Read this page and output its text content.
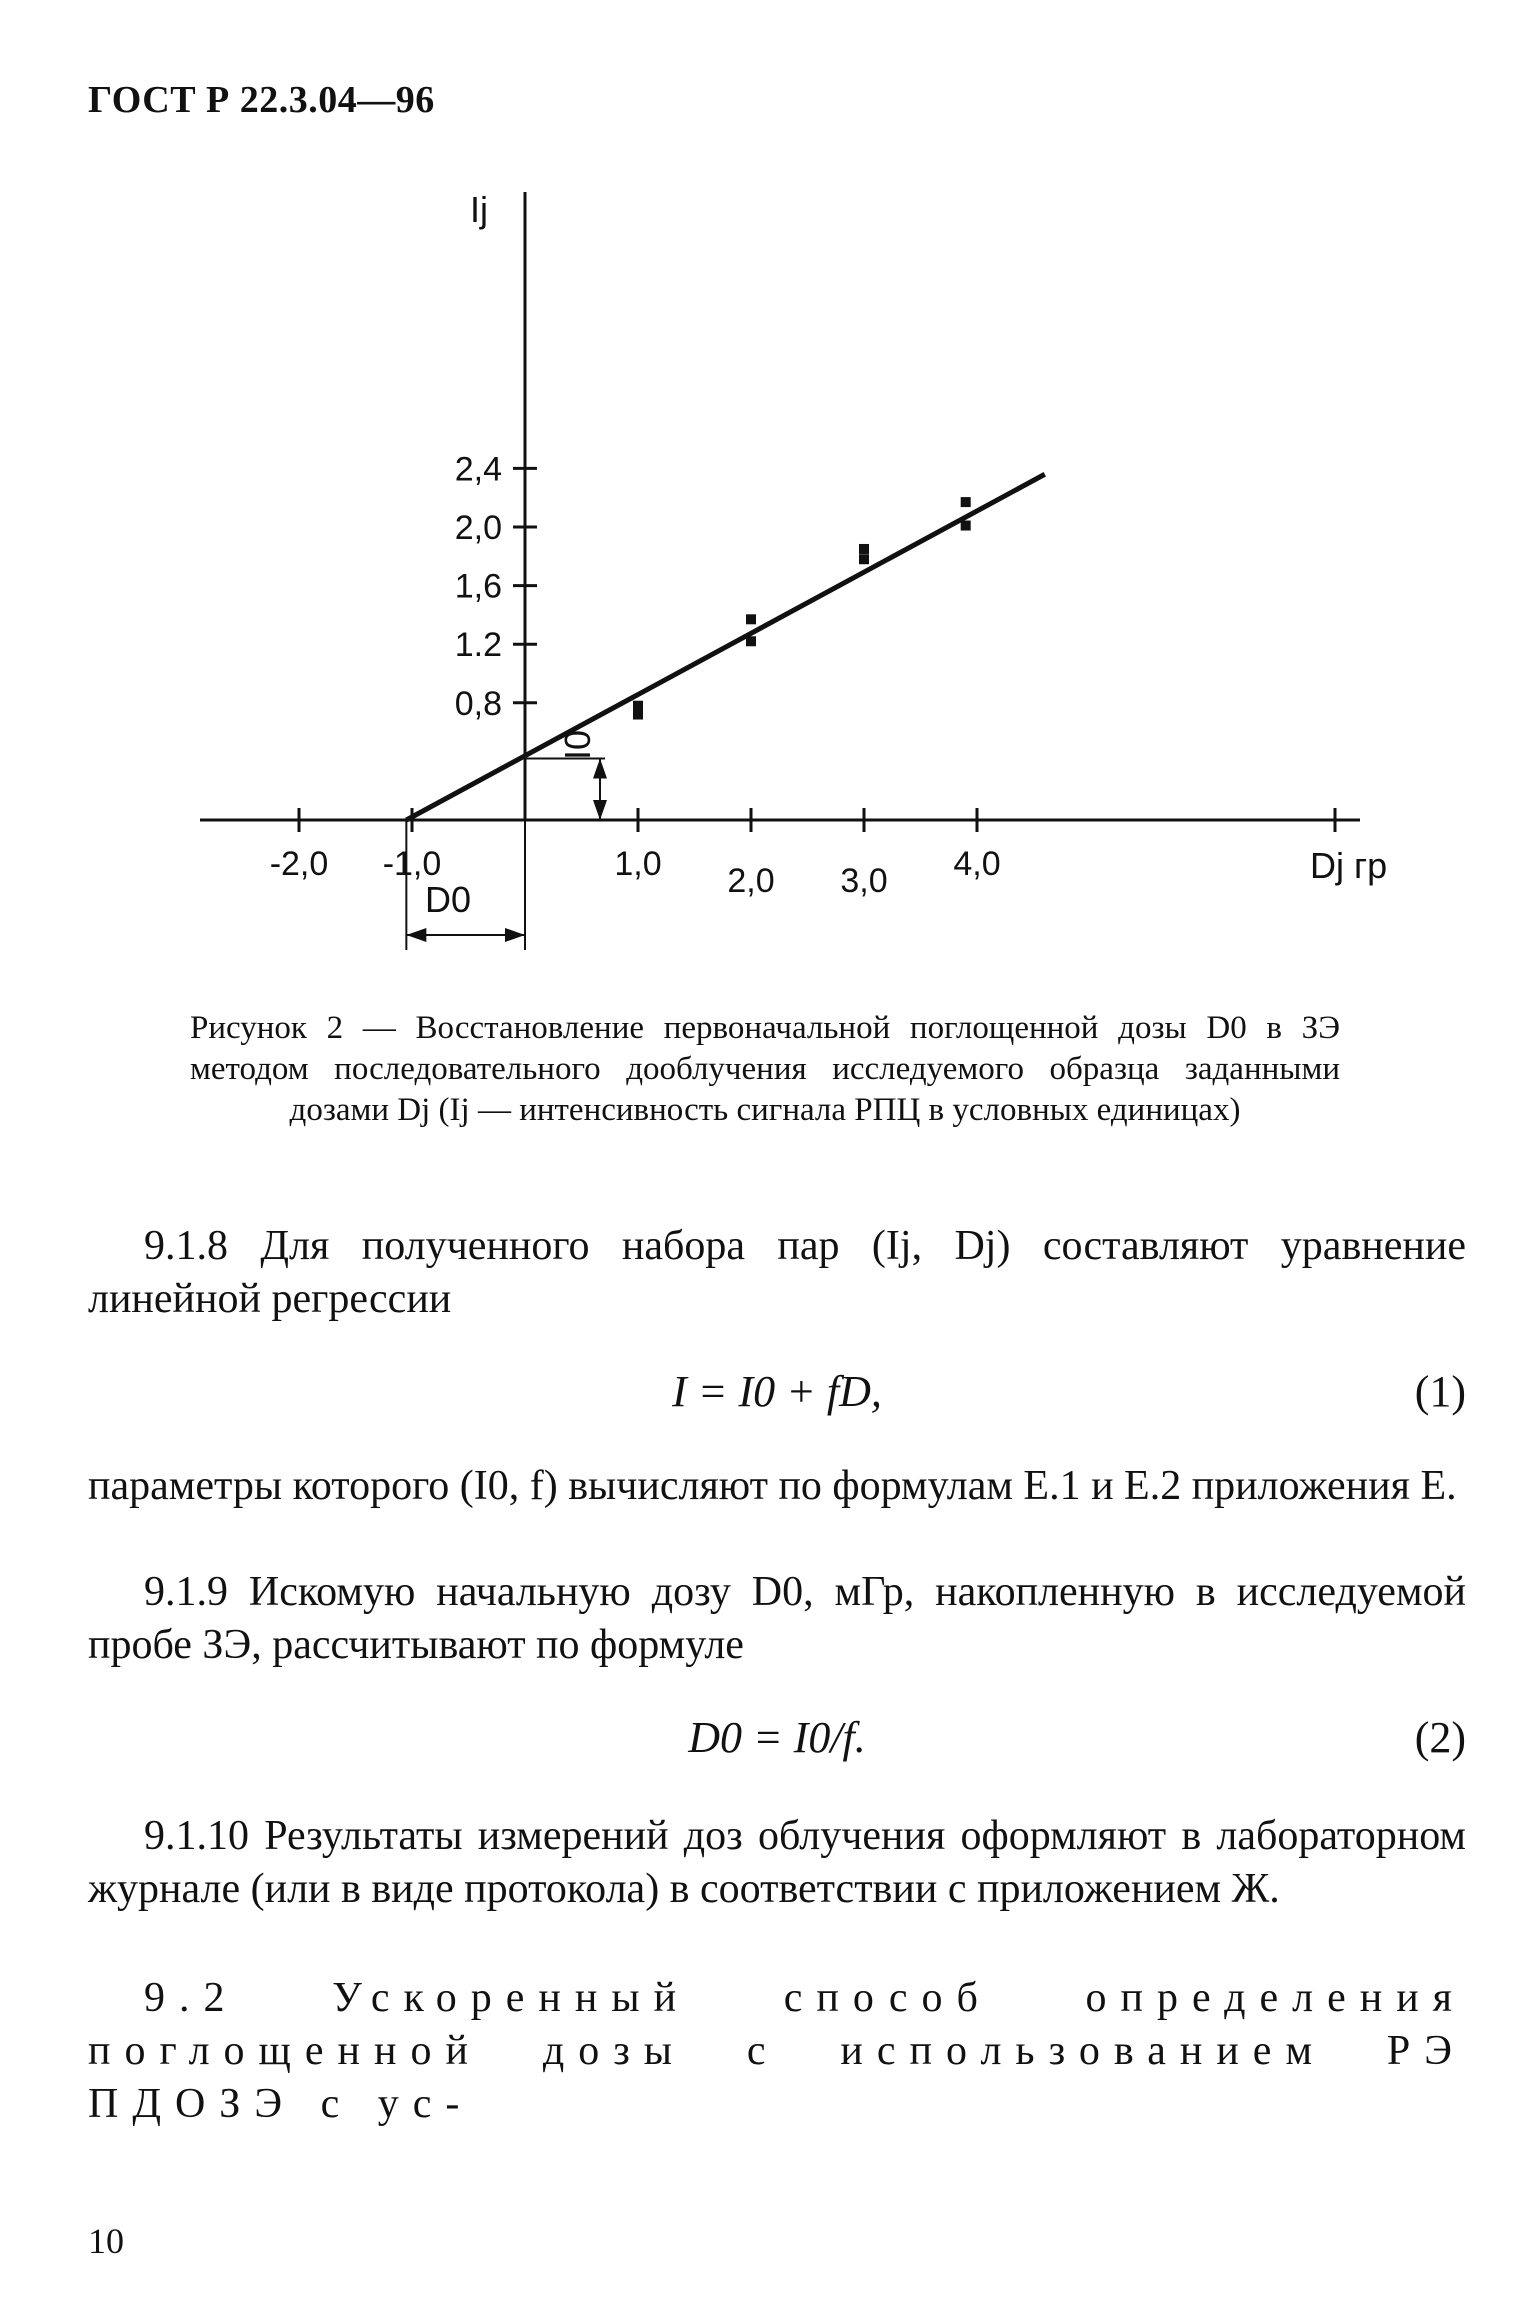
ГОСТ Р 22.3.04—96
-2,0 -1,0	1,0 2,0 3,0 4,0
0,8
1.2
1,6
2,0
2,4
Ij
Dj гр
I0
D0
Рисунок 2 — Восстановление первоначальной поглощенной дозы D0 в ЗЭ методом последовательного дооблучения исследуемого образца заданными дозами Dj (Ij — интенсивность сигнала РПЦ в условных единицах)
9.1.8 Для полученного набора пар (Ij, Dj) составляют уравнение линейной регрессии
I = I0 + fD,	(1)
параметры которого (I0, f) вычисляют по формулам Е.1 и Е.2 приложения Е.
9.1.9 Искомую начальную дозу D0, мГр, накопленную в исследуемой пробе ЗЭ, рассчитывают по формуле
D0 = I0/f.	(2)
9.1.10 Результаты измерений доз облучения оформляют в лабораторном журнале (или в виде протокола) в соответствии с приложением Ж.
9.2 Ускоренный способ определения поглощенной дозы с использованием РЭ ПДОЗЭ с ус-
10
